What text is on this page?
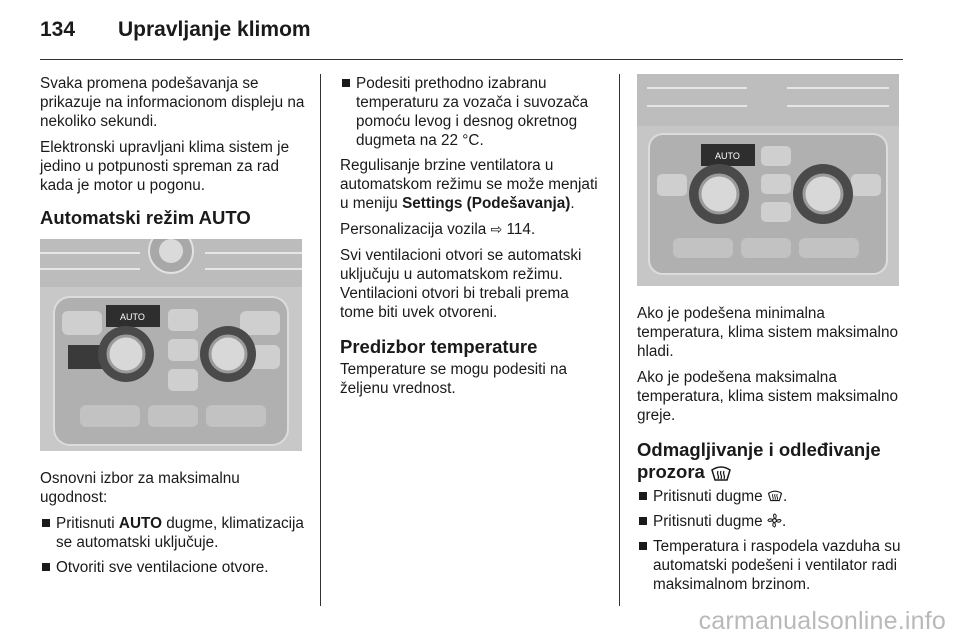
134 Upravljanje klimom

Svaka promena podešavanja se prikazuje na informacionom displeju na nekoliko sekundi.

Elektronski upravljani klima sistem je jedino u potpunosti spreman za rad kada je motor u pogonu.

Automatski režim AUTO
AUTO

Osnovni izbor za maksimalnu ugodnost:

Pritisnuti AUTO dugme, klimatizacija se automatski uključuje.
Otvoriti sve ventilacione otvore.
Podesiti prethodno izabranu temperaturu za vozača i suvozača pomoću levog i desnog okretnog dugmeta na 22 °C.

Regulisanje brzine ventilatora u automatskom režimu se može menjati u meniju Settings (Podešavanja).

Personalizacija vozila ⇨ 114.

Svi ventilacioni otvori se automatski uključuju u automatskom režimu. Ventilacioni otvori bi trebali prema tome biti uvek otvoreni.

Predizbor temperature

Temperature se mogu podesiti na željenu vrednost.

AUTO

Ako je podešena minimalna temperatura, klima sistem maksimalno hladi.

Ako je podešena maksimalna temperatura, klima sistem maksimalno greje.

Odmagljivanje i odleđivanje prozora
Pritisnuti dugme .
Pritisnuti dugme .
Temperatura i raspodela vazduha su automatski podešeni i ventilator radi maksimalnom brzinom.
carmanualsonline.info
